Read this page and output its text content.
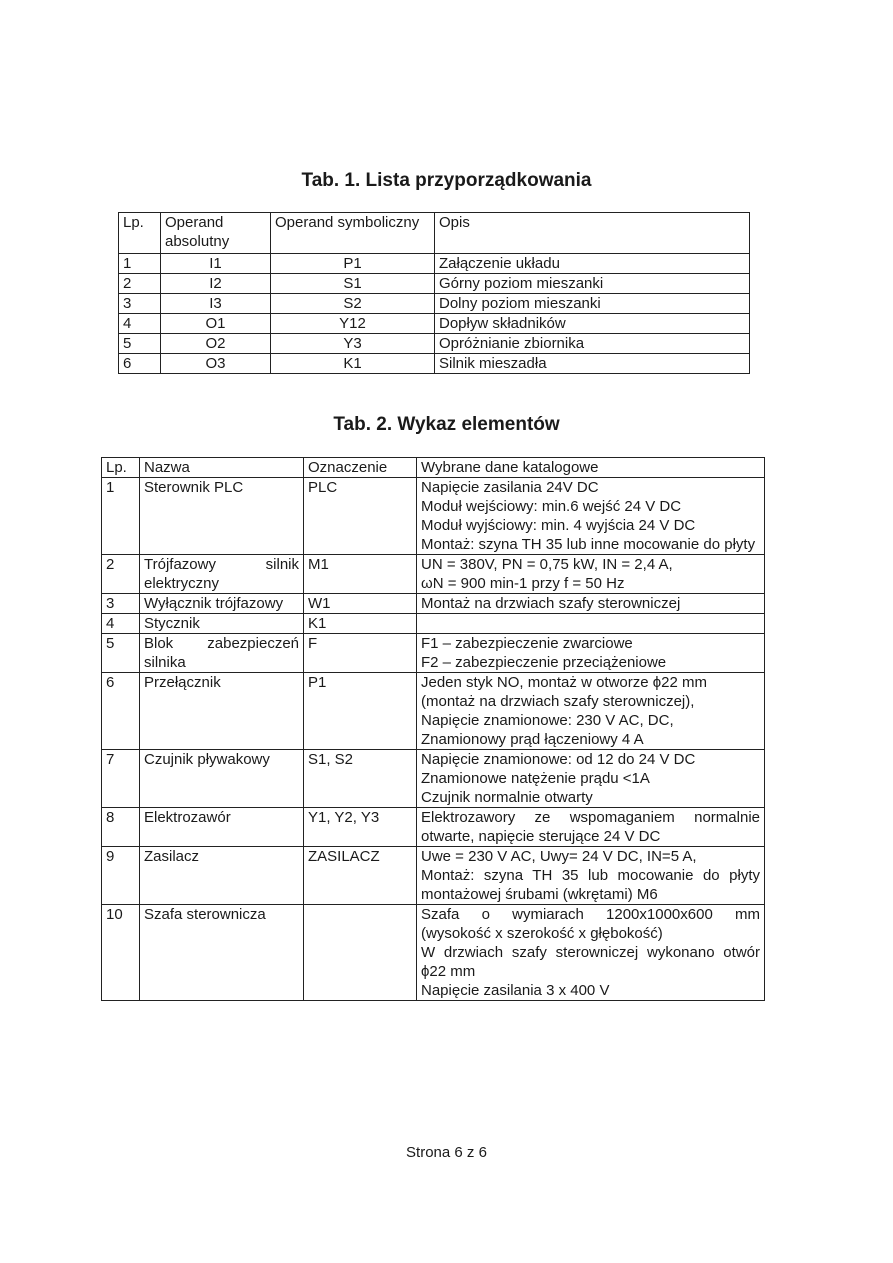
Tab. 1. Lista przyporządkowania
Lp.	Operand absolutny	Operand symboliczny	Opis
1	I1	P1	Załączenie układu
2	I2	S1	Górny poziom mieszanki
3	I3	S2	Dolny poziom mieszanki
4	O1	Y12	Dopływ składników
5	O2	Y3	Opróżnianie zbiornika
6	O3	K1	Silnik mieszadła
Tab. 2. Wykaz elementów
Lp.	Nazwa	Oznaczenie	Wybrane dane katalogowe
1	Sterownik PLC	PLC	Napięcie zasilania 24V DC
Moduł wejściowy: min.6 wejść 24 V DC
Moduł wyjściowy: min. 4 wyjścia 24 V DC
Montaż: szyna TH 35 lub inne mocowanie do płyty

2	Trójfazowy silnik elektryczny	M1	UN = 380V, PN = 0,75 kW, IN = 2,4 A,
ωN = 900 min-1 przy f = 50 Hz

3	Wyłącznik trójfazowy	W1	Montaż na drzwiach szafy sterowniczej

4	Stycznik	K1	
5	Blok zabezpieczeń silnika	F	F1 – zabezpieczenie zwarciowe
F2 – zabezpieczenie przeciążeniowe

6	Przełącznik	P1	Jeden styk NO, montaż w otworze ϕ22 mm
(montaż na drzwiach szafy sterowniczej),
Napięcie znamionowe: 230 V AC, DC,
Znamionowy prąd łączeniowy 4 A

7	Czujnik pływakowy	S1, S2	Napięcie znamionowe: od 12 do 24 V DC
Znamionowe natężenie prądu <1A
Czujnik normalnie otwarty

8	Elektrozawór	Y1, Y2, Y3	Elektrozawory ze wspomaganiem normalnie otwarte, napięcie sterujące 24 V DC

9	Zasilacz	ZASILACZ	Uwe = 230 V AC, Uwy= 24 V DC, IN=5 A,
Montaż: szyna TH 35 lub mocowanie do płyty montażowej śrubami (wkrętami) M6

10	Szafa sterownicza		Szafa o wymiarach 1200x1000x600 mm (wysokość x szerokość x głębokość)
W drzwiach szafy sterowniczej wykonano otwór ϕ22 mm
Napięcie zasilania 3 x 400 V
Strona 6 z 6
